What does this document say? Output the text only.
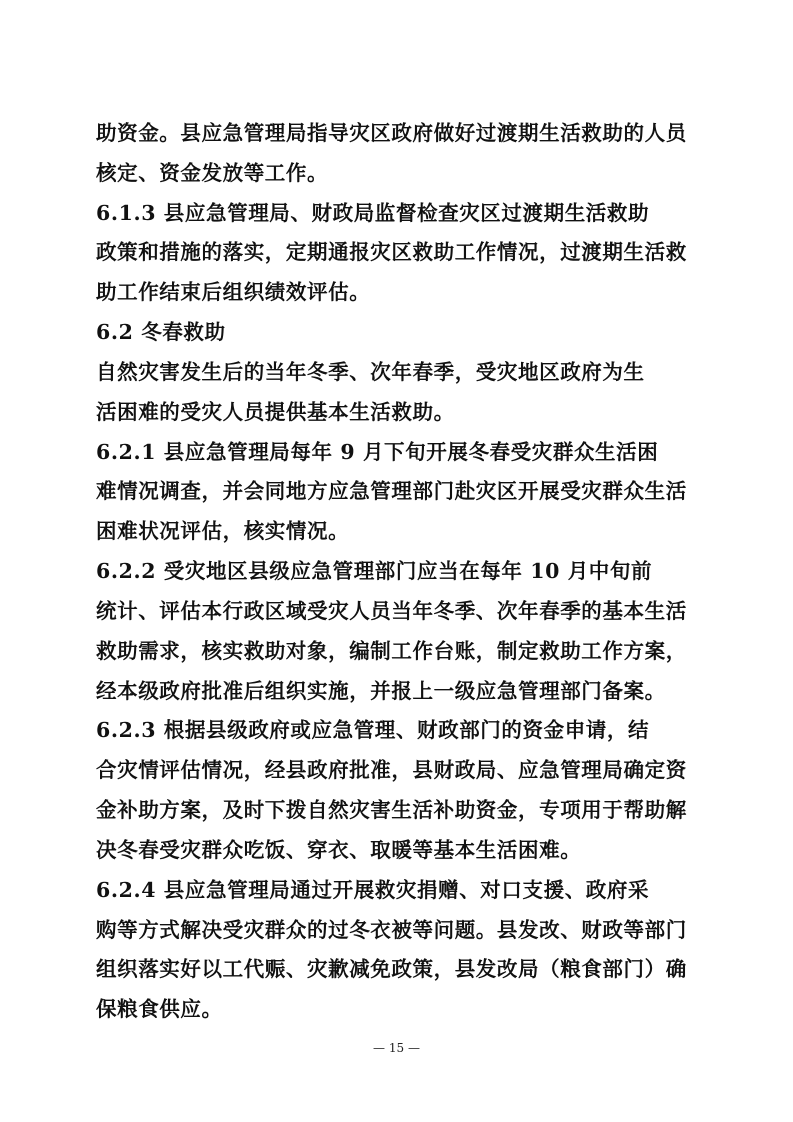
助资金。县应急管理局指导灾区政府做好过渡期生活救助的人员
核定、资金发放等工作。
6.1.3 县应急管理局、财政局监督检查灾区过渡期生活救助
政策和措施的落实，定期通报灾区救助工作情况，过渡期生活救
助工作结束后组织绩效评估。
6.2 冬春救助
自然灾害发生后的当年冬季、次年春季，受灾地区政府为生
活困难的受灾人员提供基本生活救助。
6.2.1 县应急管理局每年 9 月下旬开展冬春受灾群众生活困
难情况调查，并会同地方应急管理部门赴灾区开展受灾群众生活
困难状况评估，核实情况。
6.2.2 受灾地区县级应急管理部门应当在每年 10 月中旬前
统计、评估本行政区域受灾人员当年冬季、次年春季的基本生活
救助需求，核实救助对象，编制工作台账，制定救助工作方案，
经本级政府批准后组织实施，并报上一级应急管理部门备案。
6.2.3 根据县级政府或应急管理、财政部门的资金申请，结
合灾情评估情况，经县政府批准，县财政局、应急管理局确定资
金补助方案，及时下拨自然灾害生活补助资金，专项用于帮助解
决冬春受灾群众吃饭、穿衣、取暖等基本生活困难。
6.2.4 县应急管理局通过开展救灾捐赠、对口支援、政府采
购等方式解决受灾群众的过冬衣被等问题。县发改、财政等部门
组织落实好以工代赈、灾歉减免政策，县发改局（粮食部门）确
保粮食供应。
— 15 —
